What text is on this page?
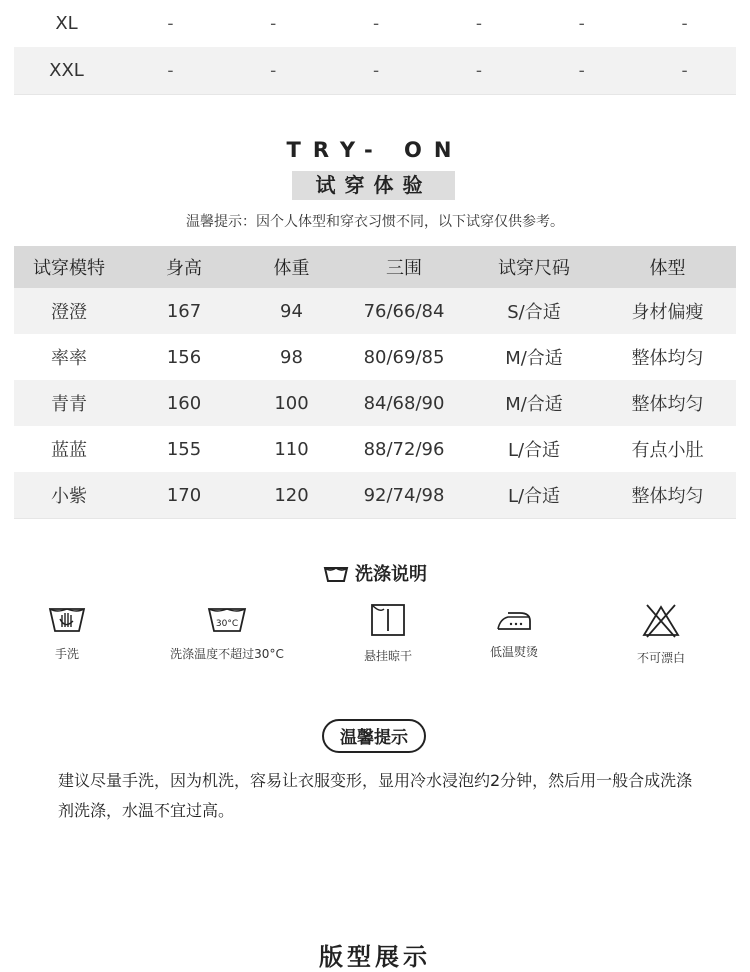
XL	-	-	-	-	-	-
XXL	-	-	-	-	-	-
TRY- ON
试穿体验
温馨提示：因个人体型和穿衣习惯不同，以下试穿仅供参考。
试穿模特	身高	体重	三围	试穿尺码	体型
澄澄	167	94	76/66/84	S/合适	身材偏瘦
率率	156	98	80/69/85	M/合适	整体均匀
青青	160	100	84/68/90	M/合适	整体均匀
蓝蓝	155	110	88/72/96	L/合适	有点小肚
小紫	170	120	92/74/98	L/合适	整体均匀
洗涤说明
手洗
30°C
洗涤温度不超过30°C	悬挂晾干	低温熨烫	不可漂白
温馨提示
建议尽量手洗，因为机洗，容易让衣服变形，显用冷水浸泡约2分钟，然后用一般合成洗涤剂洗涤，水温不宜过高。
版型展示
